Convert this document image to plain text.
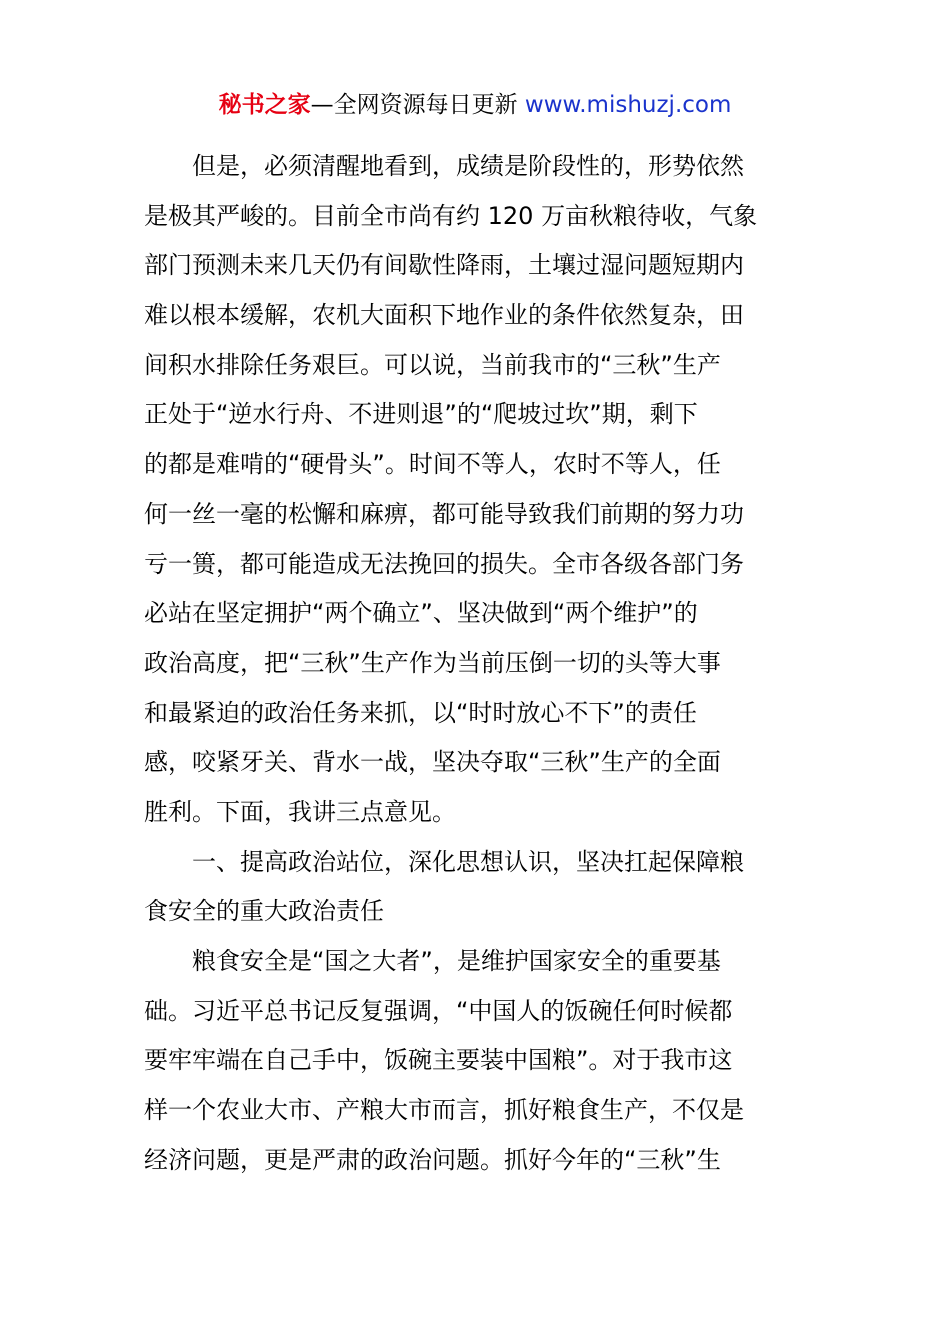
秘书之家—全网资源每日更新 www.mishuzj.com
但是，必须清醒地看到，成绩是阶段性的，形势依然
是极其严峻的。目前全市尚有约 120 万亩秋粮待收，气象
部门预测未来几天仍有间歇性降雨，土壤过湿问题短期内
难以根本缓解，农机大面积下地作业的条件依然复杂，田
间积水排除任务艰巨。可以说，当前我市的“三秋”生产
正处于“逆水行舟、不进则退”的“爬坡过坎”期，剩下
的都是难啃的“硬骨头”。时间不等人，农时不等人，任
何一丝一毫的松懈和麻痹，都可能导致我们前期的努力功
亏一篑，都可能造成无法挽回的损失。全市各级各部门务
必站在坚定拥护“两个确立”、坚决做到“两个维护”的
政治高度，把“三秋”生产作为当前压倒一切的头等大事
和最紧迫的政治任务来抓，以“时时放心不下”的责任
感，咬紧牙关、背水一战，坚决夺取“三秋”生产的全面
胜利。下面，我讲三点意见。
一、提高政治站位，深化思想认识，坚决扛起保障粮
食安全的重大政治责任
粮食安全是“国之大者”，是维护国家安全的重要基
础。习近平总书记反复强调，“中国人的饭碗任何时候都
要牢牢端在自己手中，饭碗主要装中国粮”。对于我市这
样一个农业大市、产粮大市而言，抓好粮食生产，不仅是
经济问题，更是严肃的政治问题。抓好今年的“三秋”生
